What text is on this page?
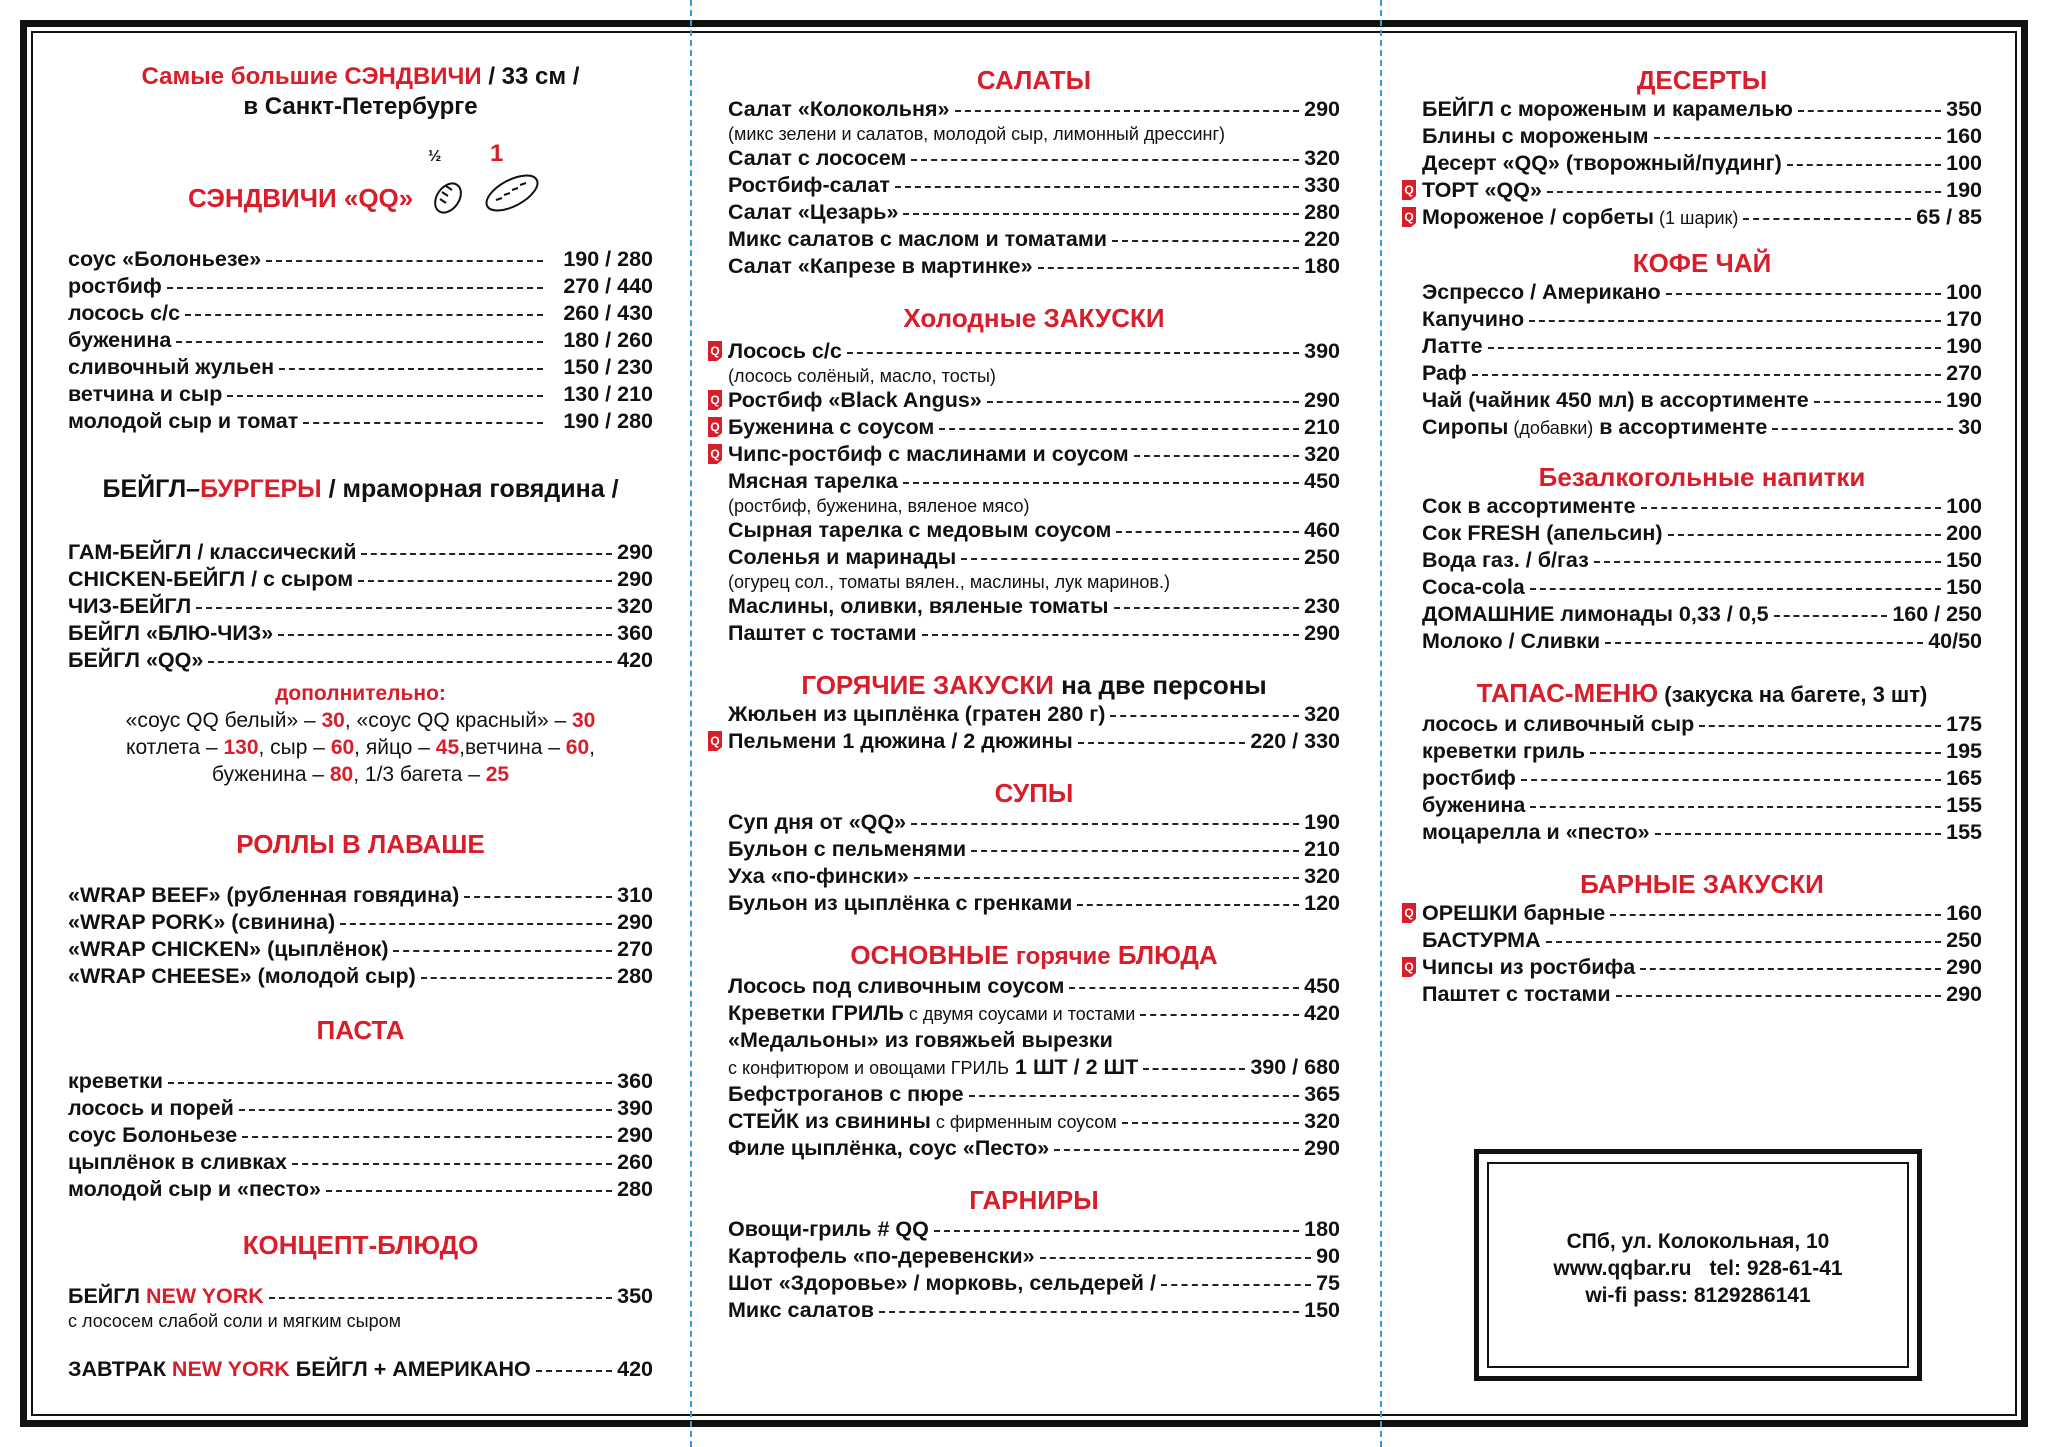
Самые большие СЭНДВИЧИ / 33 см /
в Санкт-Петербурге
СЭНДВИЧИ «QQ»
½ 1
соус «Болоньезе»	190 / 280
ростбиф	270 / 440
лосось с/с	260 / 430
буженина	180 / 260
сливочный жульен	150 / 230
ветчина и сыр	130 / 210
молодой сыр и томат	190 / 280
БЕЙГЛ–БУРГЕРЫ / мраморная говядина /
ГАМ-БЕЙГЛ / классический	290
CHICKEN-БЕЙГЛ / с сыром	290
ЧИЗ-БЕЙГЛ	320
БЕЙГЛ «БЛЮ-ЧИЗ»	360
БЕЙГЛ «QQ»	420
дополнительно:
«соус QQ белый» – 30, «соус QQ красный» – 30
котлета – 130, сыр – 60, яйцо – 45,ветчина – 60,
буженина – 80, 1/3 багета – 25
РОЛЛЫ В ЛАВАШЕ
«WRAP BEEF» (рубленная говядина)	310
«WRAP PORK» (свинина)	290
«WRAP CHICKEN» (цыплёнок)	270
«WRAP CHEESE» (молодой сыр)	280
ПАСТА
креветки	360
лосось и порей	390
соус Болоньезе	290
цыплёнок в сливках	260
молодой сыр и «песто»	280
КОНЦЕПТ-БЛЮДО
БЕЙГЛ NEW YORK	350
с лососем слабой соли и мягким сыром
ЗАВТРАК NEW YORK БЕЙГЛ + АМЕРИКАНО	420
САЛАТЫ
Салат «Колокольня»	290
(микс зелени и салатов, молодой сыр, лимонный дрессинг)
Салат с лососем	320
Ростбиф-салат	330
Салат «Цезарь»	280
Микс салатов с маслом и томатами	220
Салат «Капрезе в мартинке»	180
Холодные ЗАКУСКИ
Q Лосось с/с	390
(лосось солёный, масло, тосты)
Q Ростбиф «Black Angus»	290
Q Буженина с соусом	210
Q Чипс-ростбиф с маслинами и соусом	320
Мясная тарелка	450
(ростбиф, буженина, вяленое мясо)
Сырная тарелка с медовым соусом	460
Соленья и маринады	250
(огурец сол., томаты вялен., маслины, лук маринов.)
Маслины, оливки, вяленые томаты	230
Паштет с тостами	290
ГОРЯЧИЕ ЗАКУСКИ на две персоны
Жюльен из цыплёнка (гратен 280 г)	320
Q Пельмени 1 дюжина / 2 дюжины	220 / 330
СУПЫ
Суп дня от «QQ»	190
Бульон с пельменями	210
Уха «по-фински»	320
Бульон из цыплёнка с гренками	120
ОСНОВНЫЕ горячие БЛЮДА
Лосось под сливочным соусом	450
Креветки ГРИЛЬ с двумя соусами и тостами	420
«Медальоны» из говяжьей вырезки
с конфитюром и овощами ГРИЛЬ 1 ШТ / 2 ШТ	390 / 680
Бефстроганов с пюре	365
СТЕЙК из свинины с фирменным соусом	320
Филе цыплёнка, соус «Песто»	290
ГАРНИРЫ
Овощи-гриль # QQ	180
Картофель «по-деревенски»	90
Шот «Здоровье» / морковь, сельдерей /	75
Микс салатов	150
ДЕСЕРТЫ
БЕЙГЛ с мороженым и карамелью	350
Блины с мороженым	160
Десерт «QQ» (творожный/пудинг)	100
Q ТОРТ «QQ»	190
Q Мороженое / сорбеты (1 шарик)	65 / 85
КОФЕ ЧАЙ
Эспрессо / Американо	100
Капучино	170
Латте	190
Раф	270
Чай (чайник 450 мл) в ассортименте	190
Сиропы (добавки) в ассортименте	30
Безалкогольные напитки
Сок в ассортименте	100
Сок FRESH (апельсин)	200
Вода газ. / б/газ	150
Coca-cola	150
ДОМАШНИЕ лимонады 0,33 / 0,5	160 / 250
Молоко / Сливки	40/50
ТАПАС-МЕНЮ (закуска на багете, 3 шт)
лосось и сливочный сыр	175
креветки гриль	195
ростбиф	165
буженина	155
моцарелла и «песто»	155
БАРНЫЕ ЗАКУСКИ
Q ОРЕШКИ барные	160
БАСТУРМА	250
Q Чипсы из ростбифа	290
Паштет с тостами	290
СПб, ул. Колокольная, 10
www.qqbar.ru tel: 928-61-41
wi-fi pass: 8129286141
